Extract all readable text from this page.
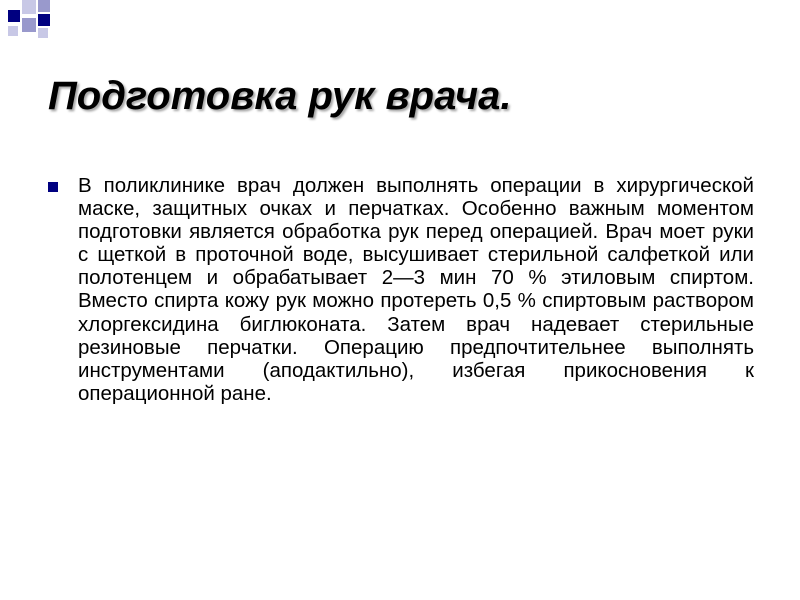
Подготовка рук врача.

В поликлинике врач должен выполнять операции в хирургической маске, защитных очках и перчатках. Особенно важным моментом подготовки является обработка рук перед операцией. Врач моет руки с щеткой в проточной воде, высушивает стерильной салфеткой или полотенцем и обрабатывает 2—3 мин 70 % этиловым спиртом. Вместо спирта кожу рук можно протереть 0,5 % спиртовым раствором хлоргексидина биглюконата. Затем врач надевает стерильные резиновые перчатки. Операцию предпочтительнее выполнять инструментами (аподактильно), избегая прикосновения к операционной ране.
